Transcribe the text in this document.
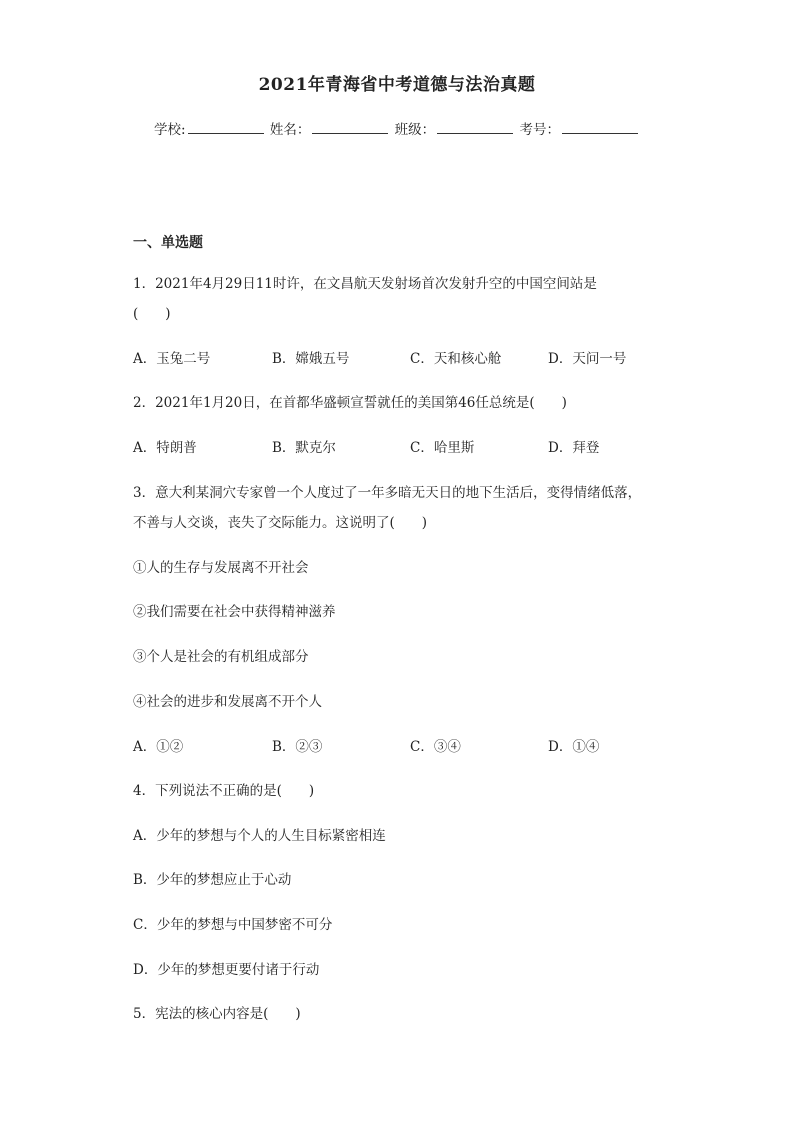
2021年青海省中考道德与法治真题
学校:	姓名：	班级：	考号：
一、单选题
1．2021年4月29日11时许，在文昌航天发射场首次发射升空的中国空间站是
(　　)
A．玉兔二号	B．嫦娥五号	C．天和核心舱	D．天问一号
2．2021年1月20日，在首都华盛顿宣誓就任的美国第46任总统是(　　)
A．特朗普	B．默克尔	C．哈里斯	D．拜登
3．意大利某洞穴专家曾一个人度过了一年多暗无天日的地下生活后，变得情绪低落，
不善与人交谈，丧失了交际能力。这说明了(　　)
①人的生存与发展离不开社会
②我们需要在社会中获得精神滋养
③个人是社会的有机组成部分
④社会的进步和发展离不开个人
A．①②	B．②③	C．③④	D．①④
4．下列说法不正确的是(　　)
A．少年的梦想与个人的人生目标紧密相连
B．少年的梦想应止于心动
C．少年的梦想与中国梦密不可分
D．少年的梦想更要付诸于行动
5．宪法的核心内容是(　　)
